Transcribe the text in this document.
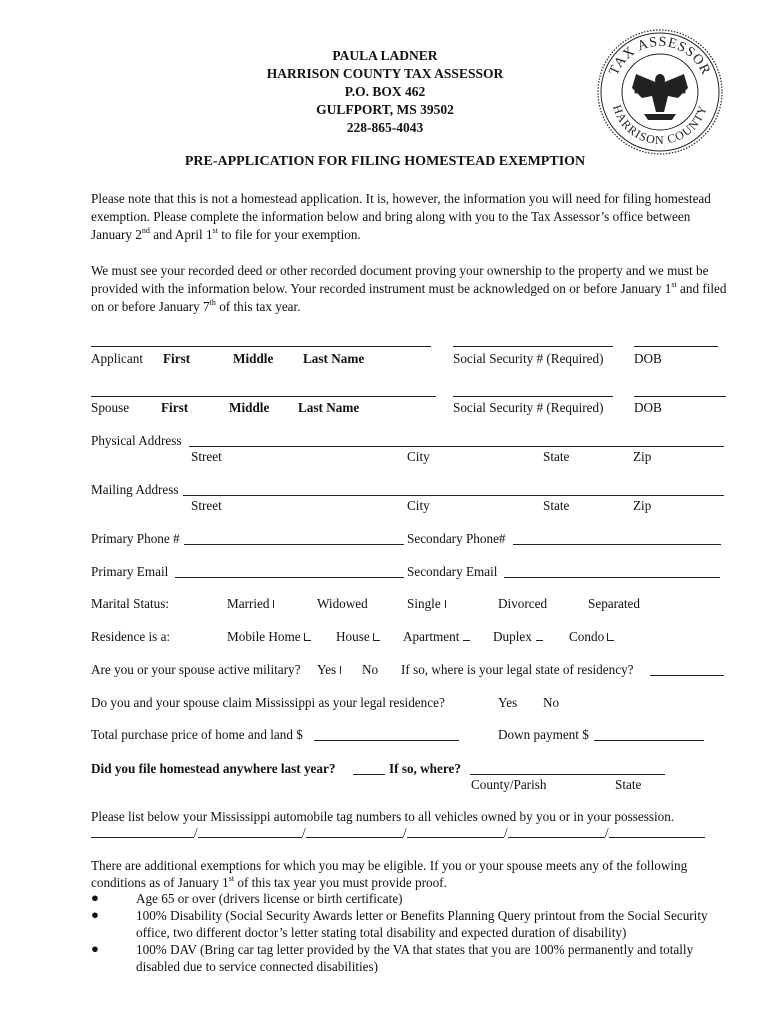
PAULA LADNER
HARRISON COUNTY TAX ASSESSOR
P.O. BOX 462
GULFPORT, MS 39502
228-865-4043
TAX ASSESSOR
HARRISON COUNTY
PRE-APPLICATION FOR FILING HOMESTEAD EXEMPTION
Please note that this is not a homestead application. It is, however, the information you will need for filing homestead exemption. Please complete the information below and bring along with you to the Tax Assessor’s office between January 2nd and April 1st to file for your exemption.
We must see your recorded deed or other recorded document proving your ownership to the property and we must be provided with the information below. Your recorded instrument must be acknowledged on or before January 1st and filed on or before January 7th of this tax year.
Applicant First	Middle Last Name	Social Security # (Required) DOB
Spouse First	Middle Last Name	Social Security # (Required) DOB
Physical Address
Street	City	State	Zip
Mailing Address
Street	City	State	Zip
Primary Phone #	Secondary Phone#
Primary Email	Secondary Email
Marital Status:	Married	Widowed	Single	Divorced	Separated
Residence is a:	Mobile Home	House	Apartment	Duplex	Condo
Are you or your spouse active military? Yes	No If so, where is your legal state of residency?
Do you and your spouse claim Mississippi as your legal residence?	Yes No
Total purchase price of home and land $	Down payment $
Did you file homestead anywhere last year?	If so, where?
County/Parish	State
Please list below your Mississippi automobile tag numbers to all vehicles owned by you or in your possession.
/	/	/	/	/
There are additional exemptions for which you may be eligible. If you or your spouse meets any of the following conditions as of January 1st of this tax year you must provide proof.
●	Age 65 or over (drivers license or birth certificate)
●	100% Disability (Social Security Awards letter or Benefits Planning Query printout from the Social Security office, two different doctor’s letter stating total disability and expected duration of disability)
●	100% DAV (Bring car tag letter provided by the VA that states that you are 100% permanently and totally disabled due to service connected disabilities)
